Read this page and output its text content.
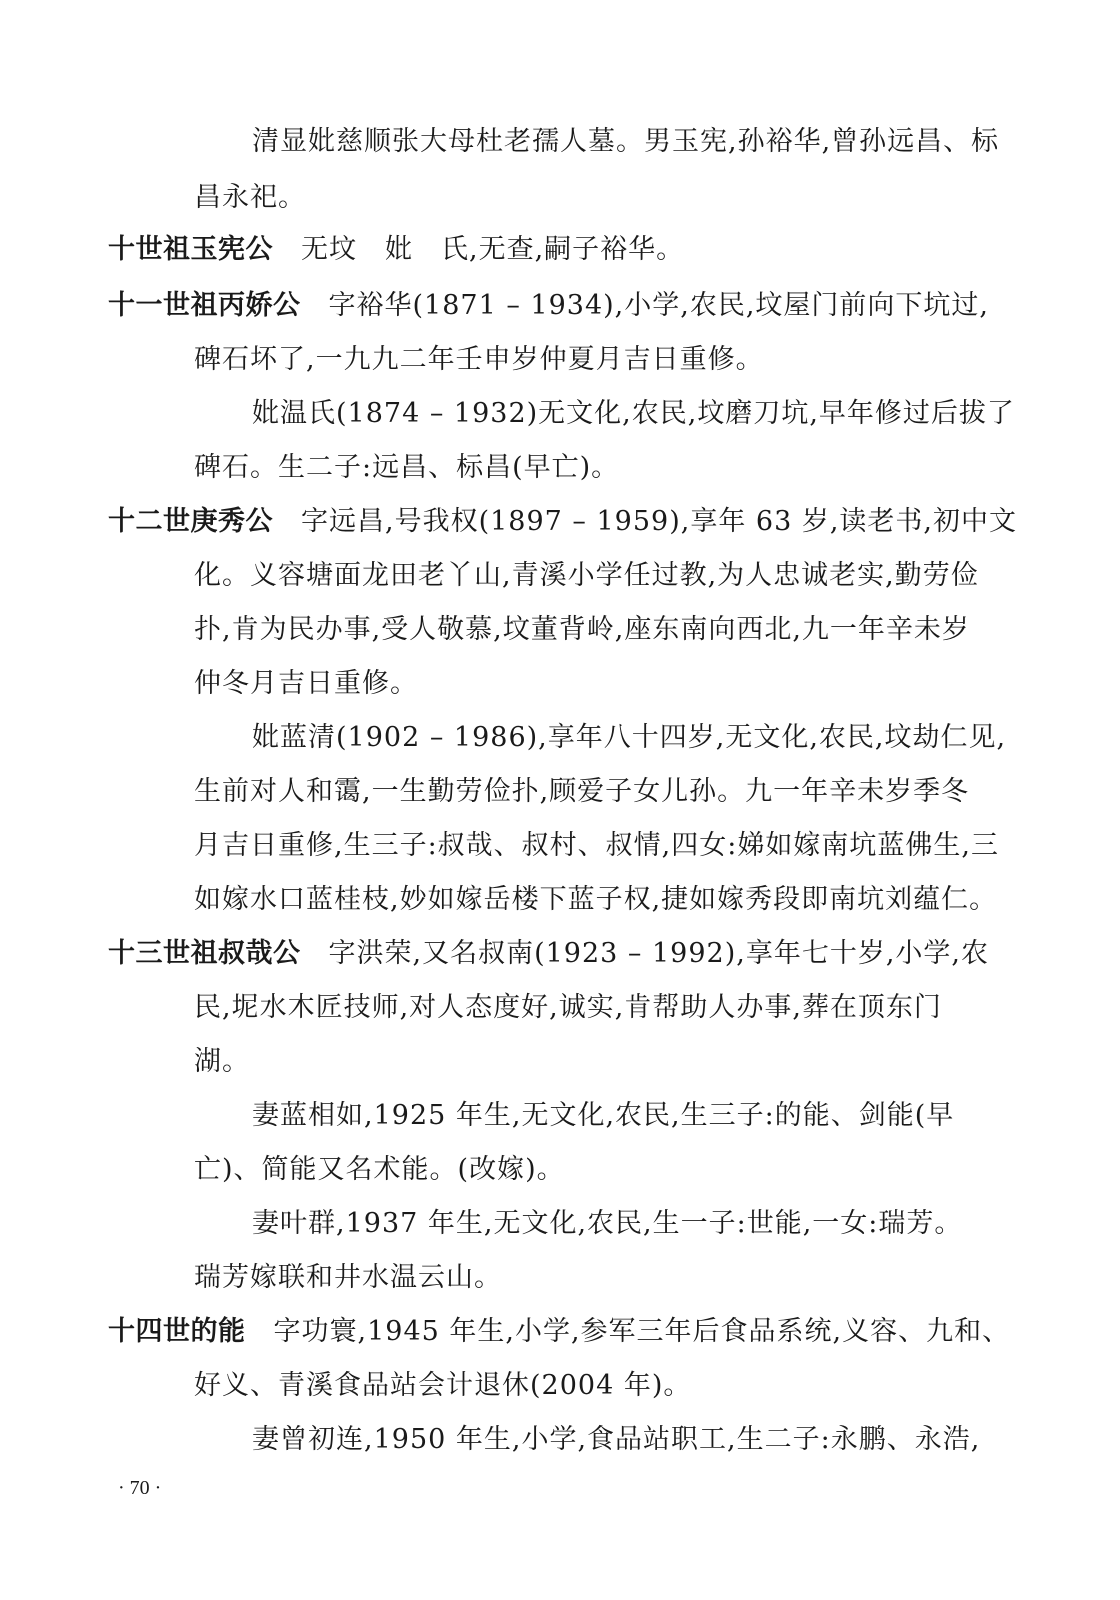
清显妣慈顺张大母杜老孺人墓。男玉宪,孙裕华,曾孙远昌、标
昌永祀。
十世祖玉宪公　 无坟　妣　氏,无查,嗣子裕华。
十一世祖丙娇公　 字裕华(1871 – 1934),小学,农民,坟屋门前向下坑过,
碑石坏了,一九九二年壬申岁仲夏月吉日重修。
妣温氏(1874 – 1932)无文化,农民,坟磨刀坑,早年修过后拔了
碑石。生二子:远昌、标昌(早亡)。
十二世庚秀公　 字远昌,号我权(1897 – 1959),享年 63 岁,读老书,初中文
化。义容塘面龙田老丫山,青溪小学任过教,为人忠诚老实,勤劳俭
扑,肯为民办事,受人敬慕,坟董背岭,座东南向西北,九一年辛未岁
仲冬月吉日重修。
妣蓝清(1902 – 1986),享年八十四岁,无文化,农民,坟劫仁见,
生前对人和霭,一生勤劳俭扑,顾爱子女儿孙。九一年辛未岁季冬
月吉日重修,生三子:叔哉、叔村、叔情,四女:娣如嫁南坑蓝佛生,三
如嫁水口蓝桂枝,妙如嫁岳楼下蓝子权,捷如嫁秀段即南坑刘蕴仁。
十三世祖叔哉公　 字洪荣,又名叔南(1923 – 1992),享年七十岁,小学,农
民,坭水木匠技师,对人态度好,诚实,肯帮助人办事,葬在顶东门
湖。
妻蓝相如,1925 年生,无文化,农民,生三子:的能、剑能(早
亡)、简能又名术能。(改嫁)。
妻叶群,1937 年生,无文化,农民,生一子:世能,一女:瑞芳。
瑞芳嫁联和井水温云山。
十四世的能　 字功寰,1945 年生,小学,参军三年后食品系统,义容、九和、
好义、青溪食品站会计退休(2004 年)。
妻曾初连,1950 年生,小学,食品站职工,生二子:永鹏、永浩,
· 70 ·
